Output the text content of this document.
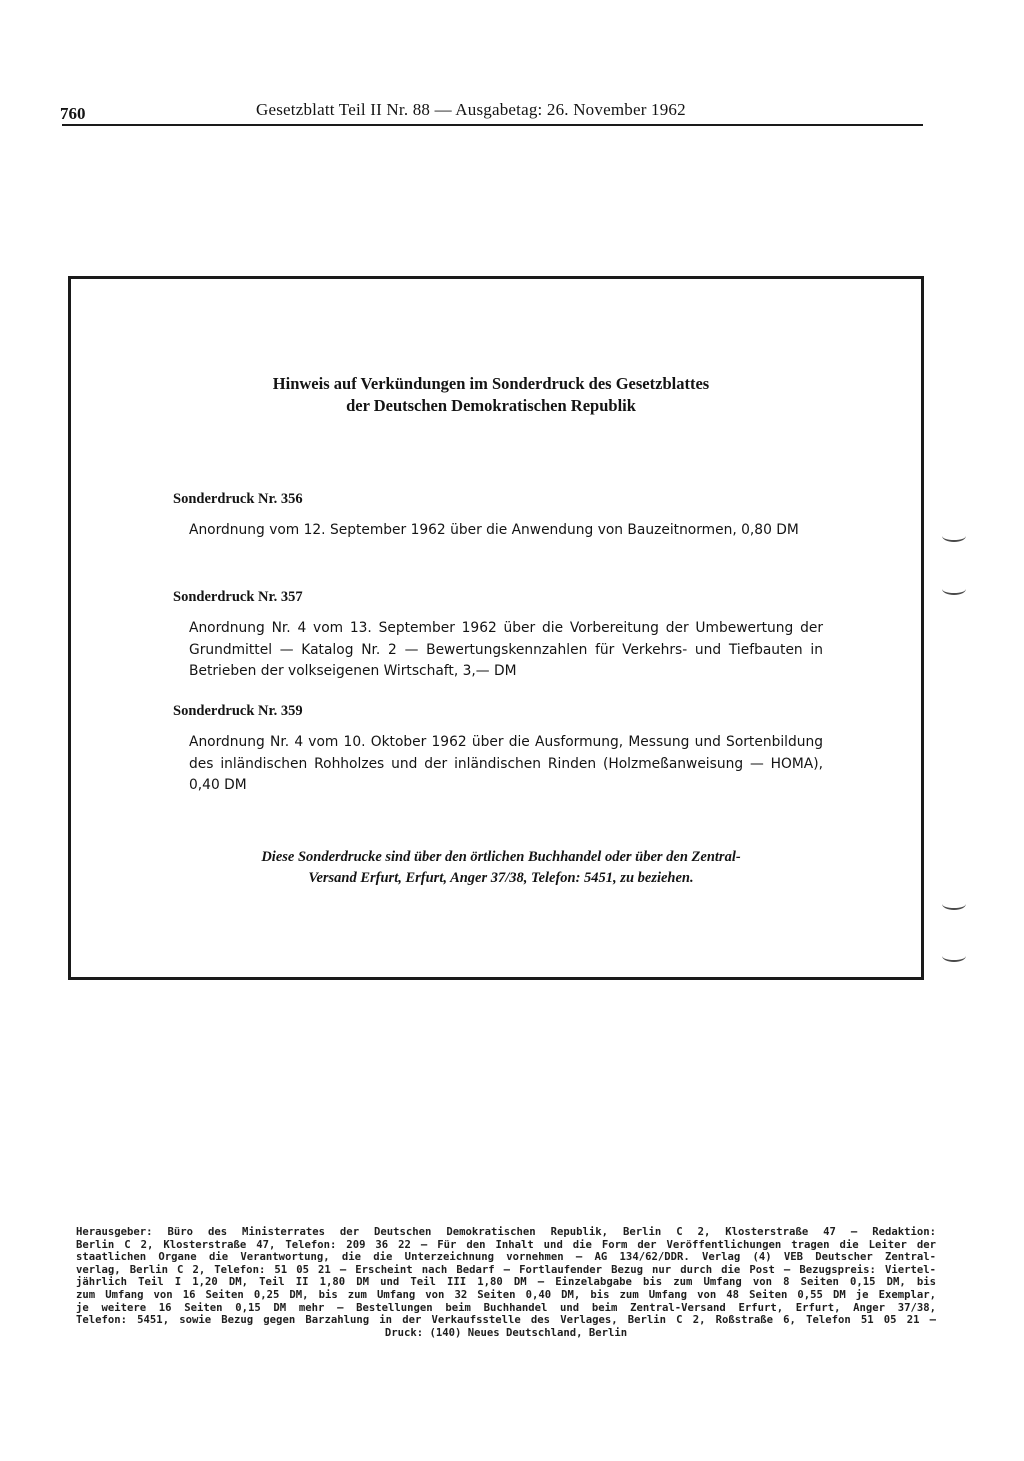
760	Gesetzblatt Teil II Nr. 88 — Ausgabetag: 26. November 1962
Hinweis auf Verkündungen im Sonderdruck des Gesetzblattes
der Deutschen Demokratischen Republik

Sonderdruck Nr. 356

Anordnung vom 12. September 1962 über die Anwendung von Bauzeitnormen, 0,80 DM

Sonderdruck Nr. 357

Anordnung Nr. 4 vom 13. September 1962 über die Vorbereitung der Umbewertung der Grundmittel — Katalog Nr. 2 — Bewertungskennzahlen für Verkehrs- und Tiefbauten in Betrieben der volkseigenen Wirtschaft, 3,— DM

Sonderdruck Nr. 359

Anordnung Nr. 4 vom 10. Oktober 1962 über die Ausformung, Messung und Sortenbildung des inländischen Rohholzes und der inländischen Rinden (Holzmeßanweisung — HOMA), 0,40 DM

Diese Sonderdrucke sind über den örtlichen Buchhandel oder über den Zentral-
Versand Erfurt, Erfurt, Anger 37/38, Telefon: 5451, zu beziehen.
Herausgeber: Büro des Ministerrates der Deutschen Demokratischen Republik, Berlin C 2, Klosterstraße 47 — Redaktion:
Berlin C 2, Klosterstraße 47, Telefon: 209 36 22 — Für den Inhalt und die Form der Veröffentlichungen tragen die Leiter der
staatlichen Organe die Verantwortung, die die Unterzeichnung vornehmen — AG 134/62/DDR. Verlag (4) VEB Deutscher Zentral-
verlag, Berlin C 2, Telefon: 51 05 21 — Erscheint nach Bedarf — Fortlaufender Bezug nur durch die Post — Bezugspreis: Viertel-
jährlich Teil I 1,20 DM, Teil II 1,80 DM und Teil III 1,80 DM — Einzelabgabe bis zum Umfang von 8 Seiten 0,15 DM, bis
zum Umfang von 16 Seiten 0,25 DM, bis zum Umfang von 32 Seiten 0,40 DM, bis zum Umfang von 48 Seiten 0,55 DM je Exemplar,
je weitere 16 Seiten 0,15 DM mehr — Bestellungen beim Buchhandel und beim Zentral-Versand Erfurt, Erfurt, Anger 37/38,
Telefon: 5451, sowie Bezug gegen Barzahlung in der Verkaufsstelle des Verlages, Berlin C 2, Roßstraße 6, Telefon 51 05 21 —
Druck: (140) Neues Deutschland, Berlin
